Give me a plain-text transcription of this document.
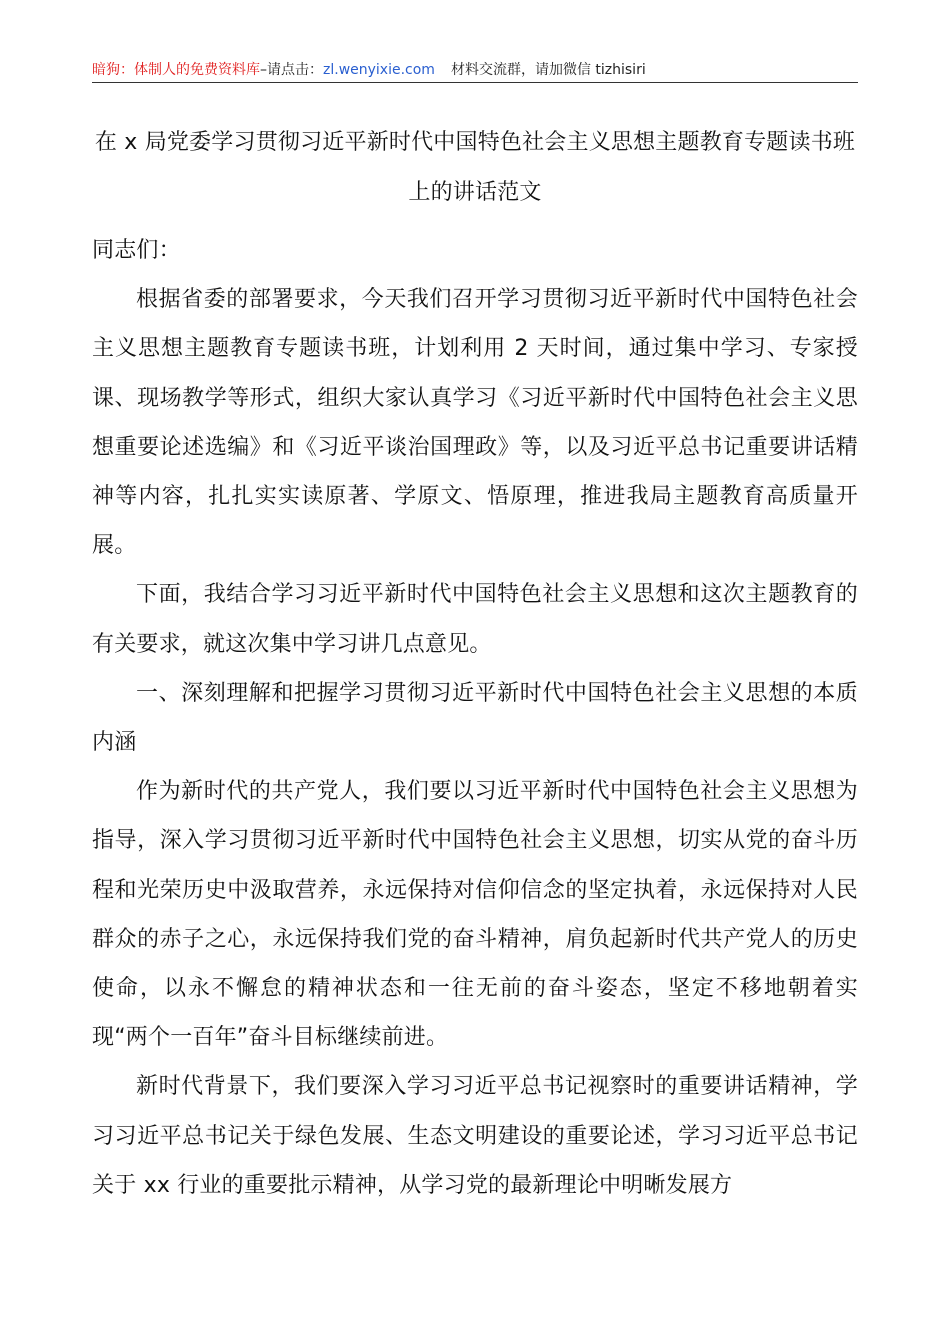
暗狗：体制人的免费资料库–请点击：zl.wenyixie.com 材料交流群，请加微信 tizhisiri
在 x 局党委学习贯彻习近平新时代中国特色社会主义思想主题教育专题读书班上的讲话范文

同志们：

根据省委的部署要求，今天我们召开学习贯彻习近平新时代中国特色社会主义思想主题教育专题读书班，计划利用 2 天时间，通过集中学习、专家授课、现场教学等形式，组织大家认真学习《习近平新时代中国特色社会主义思想重要论述选编》和《习近平谈治国理政》等，以及习近平总书记重要讲话精神等内容，扎扎实实读原著、学原文、悟原理，推进我局主题教育高质量开展。

下面，我结合学习习近平新时代中国特色社会主义思想和这次主题教育的有关要求，就这次集中学习讲几点意见。

一、深刻理解和把握学习贯彻习近平新时代中国特色社会主义思想的本质内涵

作为新时代的共产党人，我们要以习近平新时代中国特色社会主义思想为指导，深入学习贯彻习近平新时代中国特色社会主义思想，切实从党的奋斗历程和光荣历史中汲取营养，永远保持对信仰信念的坚定执着，永远保持对人民群众的赤子之心，永远保持我们党的奋斗精神，肩负起新时代共产党人的历史使命，以永不懈怠的精神状态和一往无前的奋斗姿态，坚定不移地朝着实现“两个一百年”奋斗目标继续前进。

新时代背景下，我们要深入学习习近平总书记视察时的重要讲话精神，学习习近平总书记关于绿色发展、生态文明建设的重要论述，学习习近平总书记关于 xx 行业的重要批示精神，从学习党的最新理论中明晰发展方
